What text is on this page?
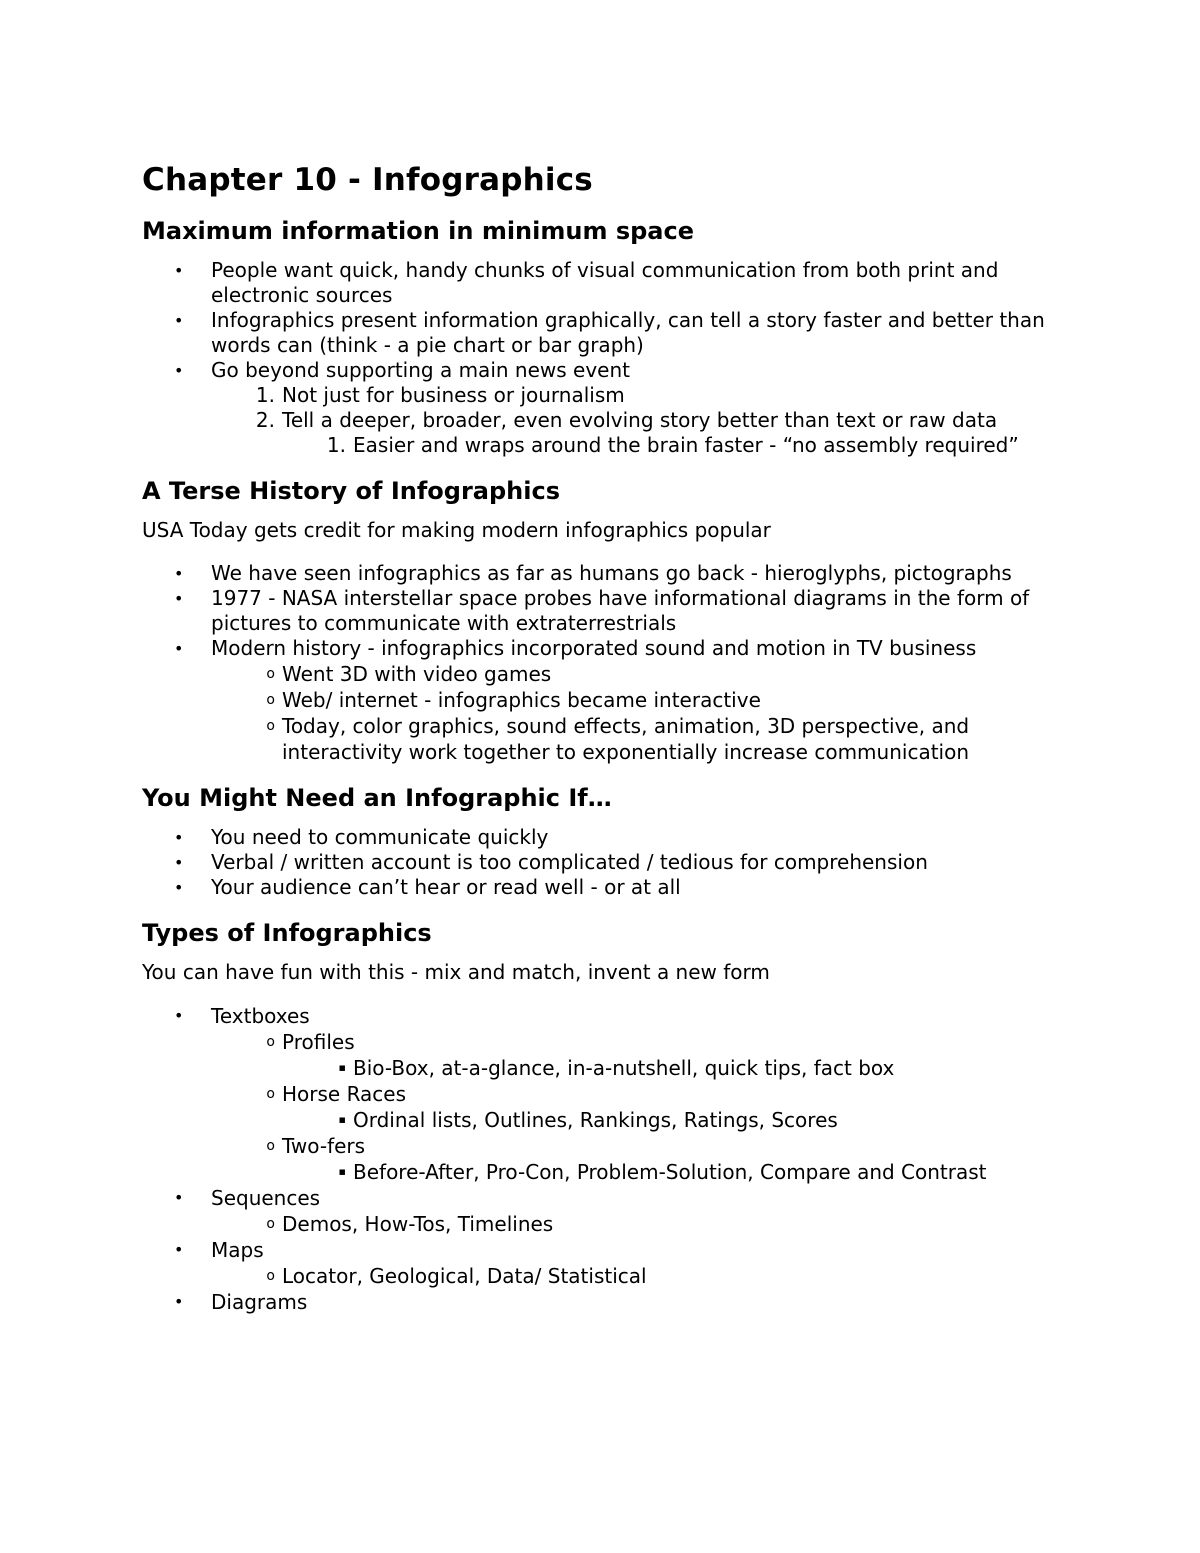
Chapter 10 - Infographics
Maximum information in minimum space
•	People want quick, handy chunks of visual communication from both print and electronic sources
•	Infographics present information graphically, can tell a story faster and better than words can (think - a pie chart or bar graph)
•	Go beyond supporting a main news event
1. Not just for business or journalism
2. Tell a deeper, broader, even evolving story better than text or raw data
1. Easier and wraps around the brain faster - “no assembly required”
A Terse History of Infographics

USA Today gets credit for making modern infographics popular

•	We have seen infographics as far as humans go back - hieroglyphs, pictographs
•	1977 - NASA interstellar space probes have informational diagrams in the form of pictures to communicate with extraterrestrials
•	Modern history - infographics incorporated sound and motion in TV business
o Went 3D with video games
o Web/ internet - infographics became interactive
o Today, color graphics, sound effects, animation, 3D perspective, and interactivity work together to exponentially increase communication
You Might Need an Infographic If…
•	You need to communicate quickly
•	Verbal / written account is too complicated / tedious for comprehension
•	Your audience can’t hear or read well - or at all
Types of Infographics

You can have fun with this - mix and match, invent a new form

•	Textboxes
o Profiles
▪ Bio-Box, at-a-glance, in-a-nutshell, quick tips, fact box
o Horse Races
▪ Ordinal lists, Outlines, Rankings, Ratings, Scores
o Two-fers
▪ Before-After, Pro-Con, Problem-Solution, Compare and Contrast
•	Sequences
o Demos, How-Tos, Timelines
•	Maps
o Locator, Geological, Data/ Statistical
•	Diagrams
